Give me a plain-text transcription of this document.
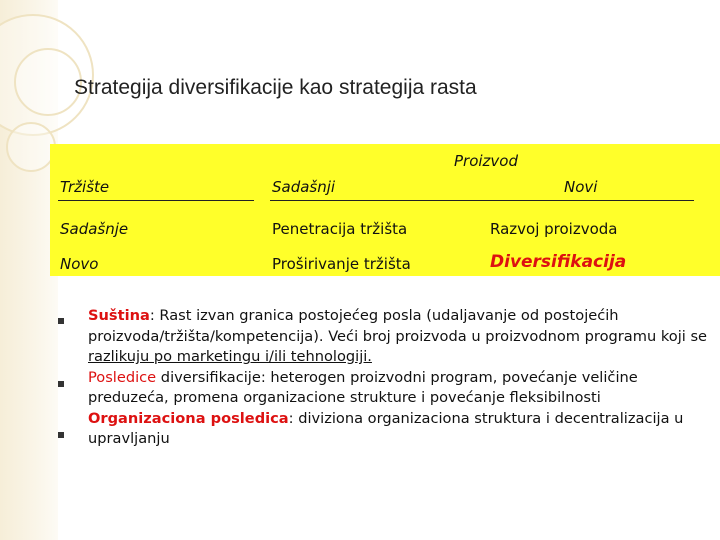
Strategija diversifikacije kao strategija rasta
Proizvod
Tržište	Sadašnji	Novi
Sadašnje	Penetracija tržišta	Razvoj proizvoda
Novo	Proširivanje tržišta	Diversifikacija
Suština: Rast izvan granica postojećeg posla (udaljavanje od postojećih proizvoda/tržišta/kompetencija). Veći broj proizvoda u proizvodnom programu koji se razlikuju po marketingu i/ili tehnologiji.
Posledice diversifikacije: heterogen proizvodni program, povećanje veličine preduzeća, promena organizacione strukture i povećanje fleksibilnosti
Organizaciona posledica: diviziona organizaciona struktura i decentralizacija u upravljanju
